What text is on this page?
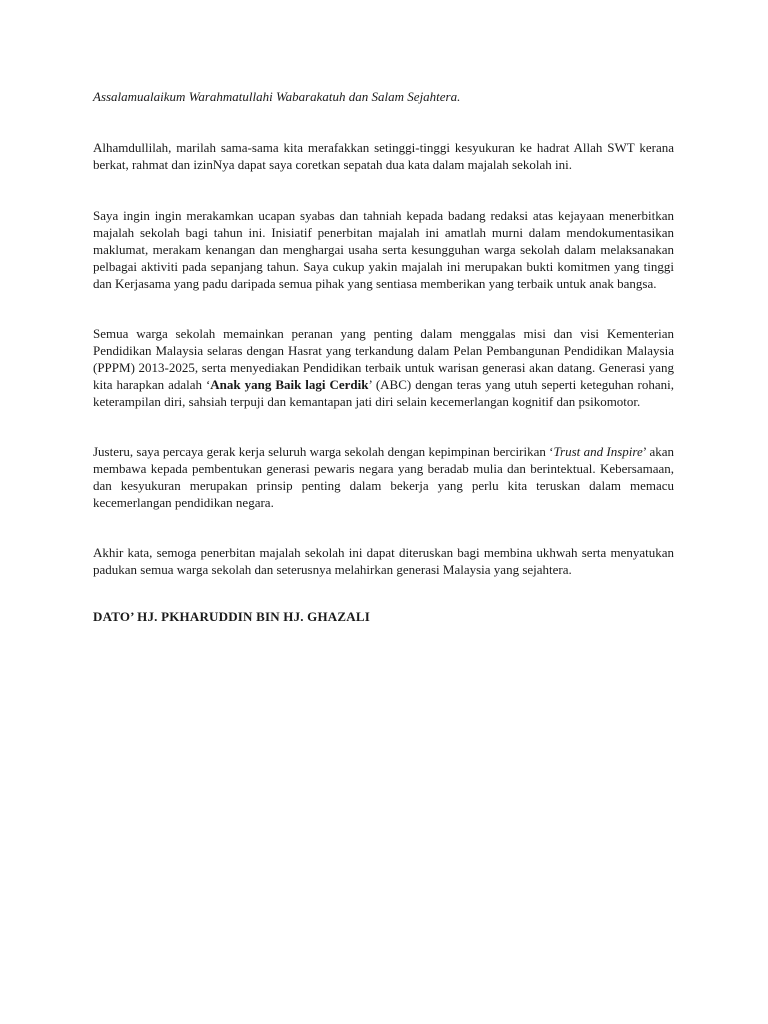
Assalamualaikum Warahmatullahi Wabarakatuh dan Salam Sejahtera.

Alhamdullilah, marilah sama-sama kita merafakkan setinggi-tinggi kesyukuran ke hadrat Allah SWT kerana berkat, rahmat dan izinNya dapat saya coretkan sepatah dua kata dalam majalah sekolah ini.

Saya ingin ingin merakamkan ucapan syabas dan tahniah kepada badang redaksi atas kejayaan menerbitkan majalah sekolah bagi tahun ini. Inisiatif penerbitan majalah ini amatlah murni dalam mendokumentasikan maklumat, merakam kenangan dan menghargai usaha serta kesungguhan warga sekolah dalam melaksanakan pelbagai aktiviti pada sepanjang tahun. Saya cukup yakin majalah ini merupakan bukti komitmen yang tinggi dan Kerjasama yang padu daripada semua pihak yang sentiasa memberikan yang terbaik untuk anak bangsa.

Semua warga sekolah memainkan peranan yang penting dalam menggalas misi dan visi Kementerian Pendidikan Malaysia selaras dengan Hasrat yang terkandung dalam Pelan Pembangunan Pendidikan Malaysia (PPPM) 2013-2025, serta menyediakan Pendidikan terbaik untuk warisan generasi akan datang. Generasi yang kita harapkan adalah ‘Anak yang Baik lagi Cerdik’ (ABC) dengan teras yang utuh seperti keteguhan rohani, keterampilan diri, sahsiah terpuji dan kemantapan jati diri selain kecemerlangan kognitif dan psikomotor.

Justeru, saya percaya gerak kerja seluruh warga sekolah dengan kepimpinan bercirikan ‘Trust and Inspire’ akan membawa kepada pembentukan generasi pewaris negara yang beradab mulia dan berintektual. Kebersamaan, dan kesyukuran merupakan prinsip penting dalam bekerja yang perlu kita teruskan dalam memacu kecemerlangan pendidikan negara.

Akhir kata, semoga penerbitan majalah sekolah ini dapat diteruskan bagi membina ukhwah serta menyatukan padukan semua warga sekolah dan seterusnya melahirkan generasi Malaysia yang sejahtera.

DATO’ HJ. PKHARUDDIN BIN HJ. GHAZALI
